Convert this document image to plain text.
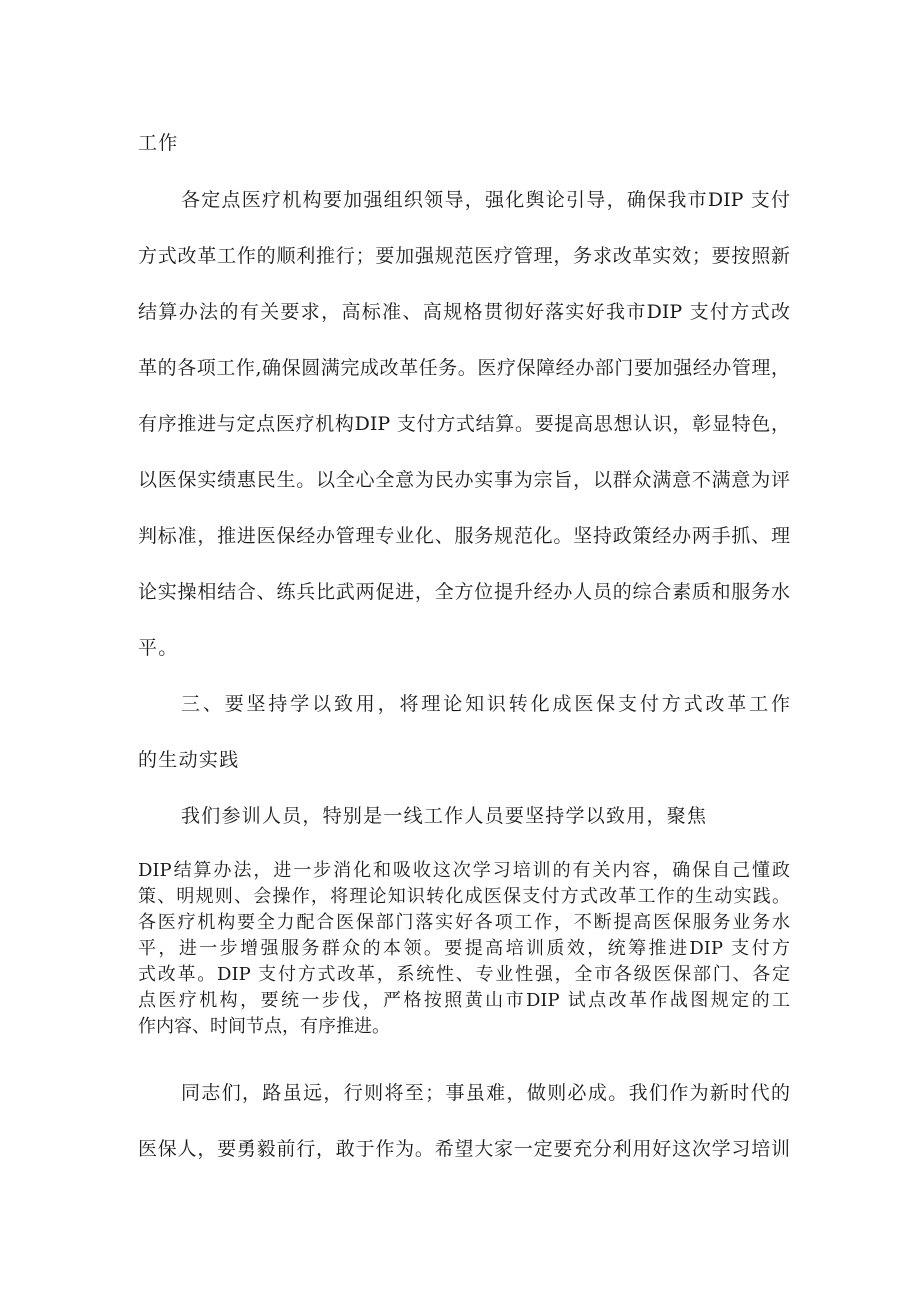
工作
各定点医疗机构要加强组织领导，强化舆论引导，确保我市DIP 支付
方式改革工作的顺利推行；要加强规范医疗管理，务求改革实效；要按照新
结算办法的有关要求，高标准、高规格贯彻好落实好我市DIP 支付方式改
革的各项工作,确保圆满完成改革任务。医疗保障经办部门要加强经办管理，
有序推进与定点医疗机构DIP 支付方式结算。要提高思想认识，彰显特色，
以医保实绩惠民生。以全心全意为民办实事为宗旨，以群众满意不满意为评
判标准，推进医保经办管理专业化、服务规范化。坚持政策经办两手抓、理
论实操相结合、练兵比武两促进，全方位提升经办人员的综合素质和服务水
平。
三、要坚持学以致用，将理论知识转化成医保支付方式改革工作
的生动实践
我们参训人员，特别是一线工作人员要坚持学以致用，聚焦
DIP结算办法，进一步消化和吸收这次学习培训的有关内容，确保自己懂政
策、明规则、会操作，将理论知识转化成医保支付方式改革工作的生动实践。
各医疗机构要全力配合医保部门落实好各项工作，不断提高医保服务业务水
平，进一步增强服务群众的本领。要提高培训质效，统筹推进DIP 支付方
式改革。DIP 支付方式改革，系统性、专业性强，全市各级医保部门、各定
点医疗机构，要统一步伐，严格按照黄山市DIP 试点改革作战图规定的工
作内容、时间节点，有序推进。
同志们，路虽远，行则将至；事虽难，做则必成。我们作为新时代的
医保人，要勇毅前行，敢于作为。希望大家一定要充分利用好这次学习培训
